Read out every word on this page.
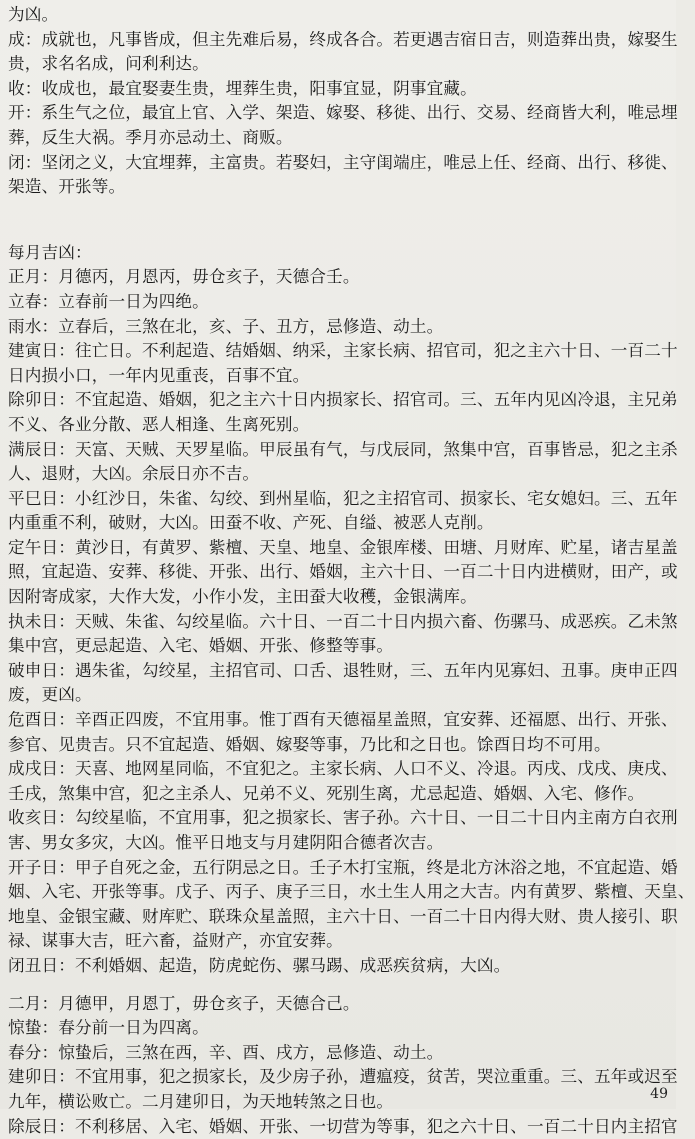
为凶。
成：成就也，凡事皆成，但主先难后易，终成各合。若更遇吉宿日吉，则造葬出贵，嫁娶生
贵，求名名成，问利利达。
收：收成也，最宜娶妻生贵，埋葬生贵，阳事宜显，阴事宜藏。
开：系生气之位，最宜上官、入学、架造、嫁娶、移徙、出行、交易、经商皆大利，唯忌埋
葬，反生大祸。季月亦忌动土、商贩。
闭：坚闭之义，大宜埋葬，主富贵。若娶妇，主守闺端庄，唯忌上任、经商、出行、移徙、
架造、开张等。
每月吉凶：
正月：月德丙，月恩丙，毋仓亥子，天德合壬。
立春：立春前一日为四绝。
雨水：立春后，三煞在北，亥、子、丑方，忌修造、动土。
建寅日：往亡日。不利起造、结婚姻、纳采，主家长病、招官司，犯之主六十日、一百二十
日内损小口，一年内见重丧，百事不宜。
除卯日：不宜起造、婚姻，犯之主六十日内损家长、招官司。三、五年内见凶冷退，主兄弟
不义、各业分散、恶人相逢、生离死别。
满辰日：天富、天贼、天罗星临。甲辰虽有气，与戊辰同，煞集中宫，百事皆忌，犯之主杀
人、退财，大凶。余辰日亦不吉。
平巳日：小红沙日，朱雀、勾绞、到州星临，犯之主招官司、损家长、宅女媳妇。三、五年
内重重不利，破财，大凶。田蚕不收、产死、自缢、被恶人克削。
定午日：黄沙日，有黄罗、紫檀、天皇、地皇、金银库楼、田塘、月财库、贮星，诸吉星盖
照，宜起造、安葬、移徙、开张、出行、婚姻，主六十日、一百二十日内进横财，田产，或
因附寄成家，大作大发，小作小发，主田蚕大收穫，金银满库。
执未日：天贼、朱雀、勾绞星临。六十日、一百二十日内损六畜、伤骡马、成恶疾。乙未煞
集中宫，更忌起造、入宅、婚姻、开张、修整等事。
破申日：遇朱雀，勾绞星，主招官司、口舌、退牲财，三、五年内见寡妇、丑事。庚申正四
废，更凶。
危酉日：辛酉正四废，不宜用事。惟丁酉有天德福星盖照，宜安葬、还福愿、出行、开张、
参官、见贵吉。只不宜起造、婚姻、嫁娶等事，乃比和之日也。馀酉日均不可用。
成戌日：天喜、地网星同临，不宜犯之。主家长病、人口不义、冷退。丙戌、戊戌、庚戌、
壬戌，煞集中宫，犯之主杀人、兄弟不义、死别生离，尤忌起造、婚姻、入宅、修作。
收亥日：勾绞星临，不宜用事，犯之损家长、害子孙。六十日、一日二十日内主南方白衣刑
害、男女多灾，大凶。惟平日地支与月建阴阳合德者次吉。
开子日：甲子自死之金，五行阴忌之日。壬子木打宝瓶，终是北方沐浴之地，不宜起造、婚
姻、入宅、开张等事。戊子、丙子、庚子三日，水土生人用之大吉。内有黄罗、紫檀、天皇、
地皇、金银宝藏、财库贮、联珠众星盖照，主六十日、一百二十日内得大财、贵人接引、职
禄、谋事大吉，旺六畜，益财产，亦宜安葬。
闭丑日：不利婚姻、起造，防虎蛇伤、骡马踢、成恶疾贫病，大凶。
二月：月德甲，月恩丁，毋仓亥子，天德合己。
惊蛰：春分前一日为四离。
春分：惊蛰后，三煞在西，辛、酉、戌方，忌修造、动土。
建卯日：不宜用事，犯之损家长，及少房子孙，遭瘟疫，贫苦，哭泣重重。三、五年或迟至
九年，横讼败亡。二月建卯日，为天地转煞之日也。
除辰日：不利移居、入宅、婚姻、开张、一切营为等事，犯之六十日、一百二十日内主招官
49
